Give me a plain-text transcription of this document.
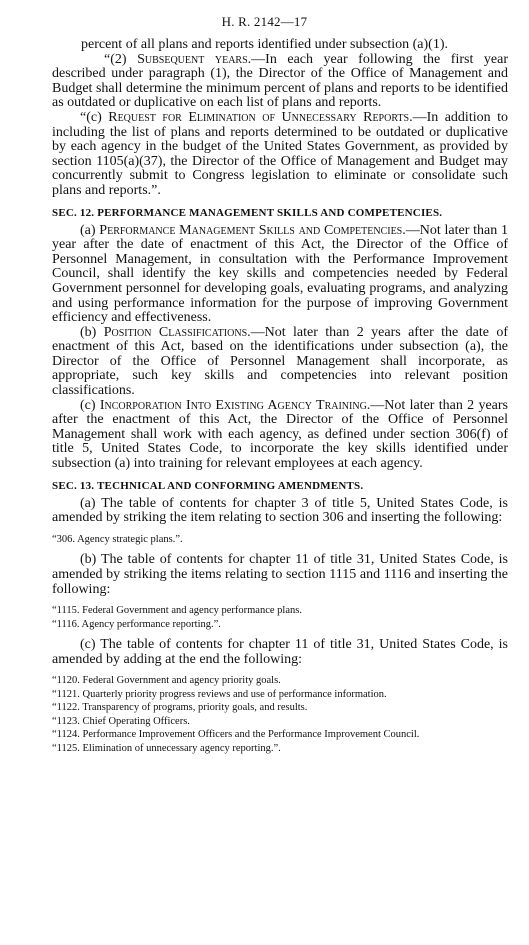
H. R. 2142—17

percent of all plans and reports identified under subsection (a)(1).

“(2) Subsequent years.—In each year following the first year described under paragraph (1), the Director of the Office of Management and Budget shall determine the minimum percent of plans and reports to be identified as outdated or duplicative on each list of plans and reports.

“(c) Request for Elimination of Unnecessary Reports.—In addition to including the list of plans and reports determined to be outdated or duplicative by each agency in the budget of the United States Government, as provided by section 1105(a)(37), the Director of the Office of Management and Budget may concurrently submit to Congress legislation to eliminate or consolidate such plans and reports.”.

SEC. 12. PERFORMANCE MANAGEMENT SKILLS AND COMPETENCIES.

(a) Performance Management Skills and Competencies.—Not later than 1 year after the date of enactment of this Act, the Director of the Office of Personnel Management, in consultation with the Performance Improvement Council, shall identify the key skills and competencies needed by Federal Government personnel for developing goals, evaluating programs, and analyzing and using performance information for the purpose of improving Government efficiency and effectiveness.

(b) Position Classifications.—Not later than 2 years after the date of enactment of this Act, based on the identifications under subsection (a), the Director of the Office of Personnel Management shall incorporate, as appropriate, such key skills and competencies into relevant position classifications.

(c) Incorporation Into Existing Agency Training.—Not later than 2 years after the enactment of this Act, the Director of the Office of Personnel Management shall work with each agency, as defined under section 306(f) of title 5, United States Code, to incorporate the key skills identified under subsection (a) into training for relevant employees at each agency.

SEC. 13. TECHNICAL AND CONFORMING AMENDMENTS.

(a) The table of contents for chapter 3 of title 5, United States Code, is amended by striking the item relating to section 306 and inserting the following:

“306. Agency strategic plans.”.

(b) The table of contents for chapter 11 of title 31, United States Code, is amended by striking the items relating to section 1115 and 1116 and inserting the following:

“1115. Federal Government and agency performance plans.

“1116. Agency performance reporting.”.

(c) The table of contents for chapter 11 of title 31, United States Code, is amended by adding at the end the following:

“1120. Federal Government and agency priority goals.

“1121. Quarterly priority progress reviews and use of performance information.

“1122. Transparency of programs, priority goals, and results.

“1123. Chief Operating Officers.

“1124. Performance Improvement Officers and the Performance Improvement Council.

“1125. Elimination of unnecessary agency reporting.”.
